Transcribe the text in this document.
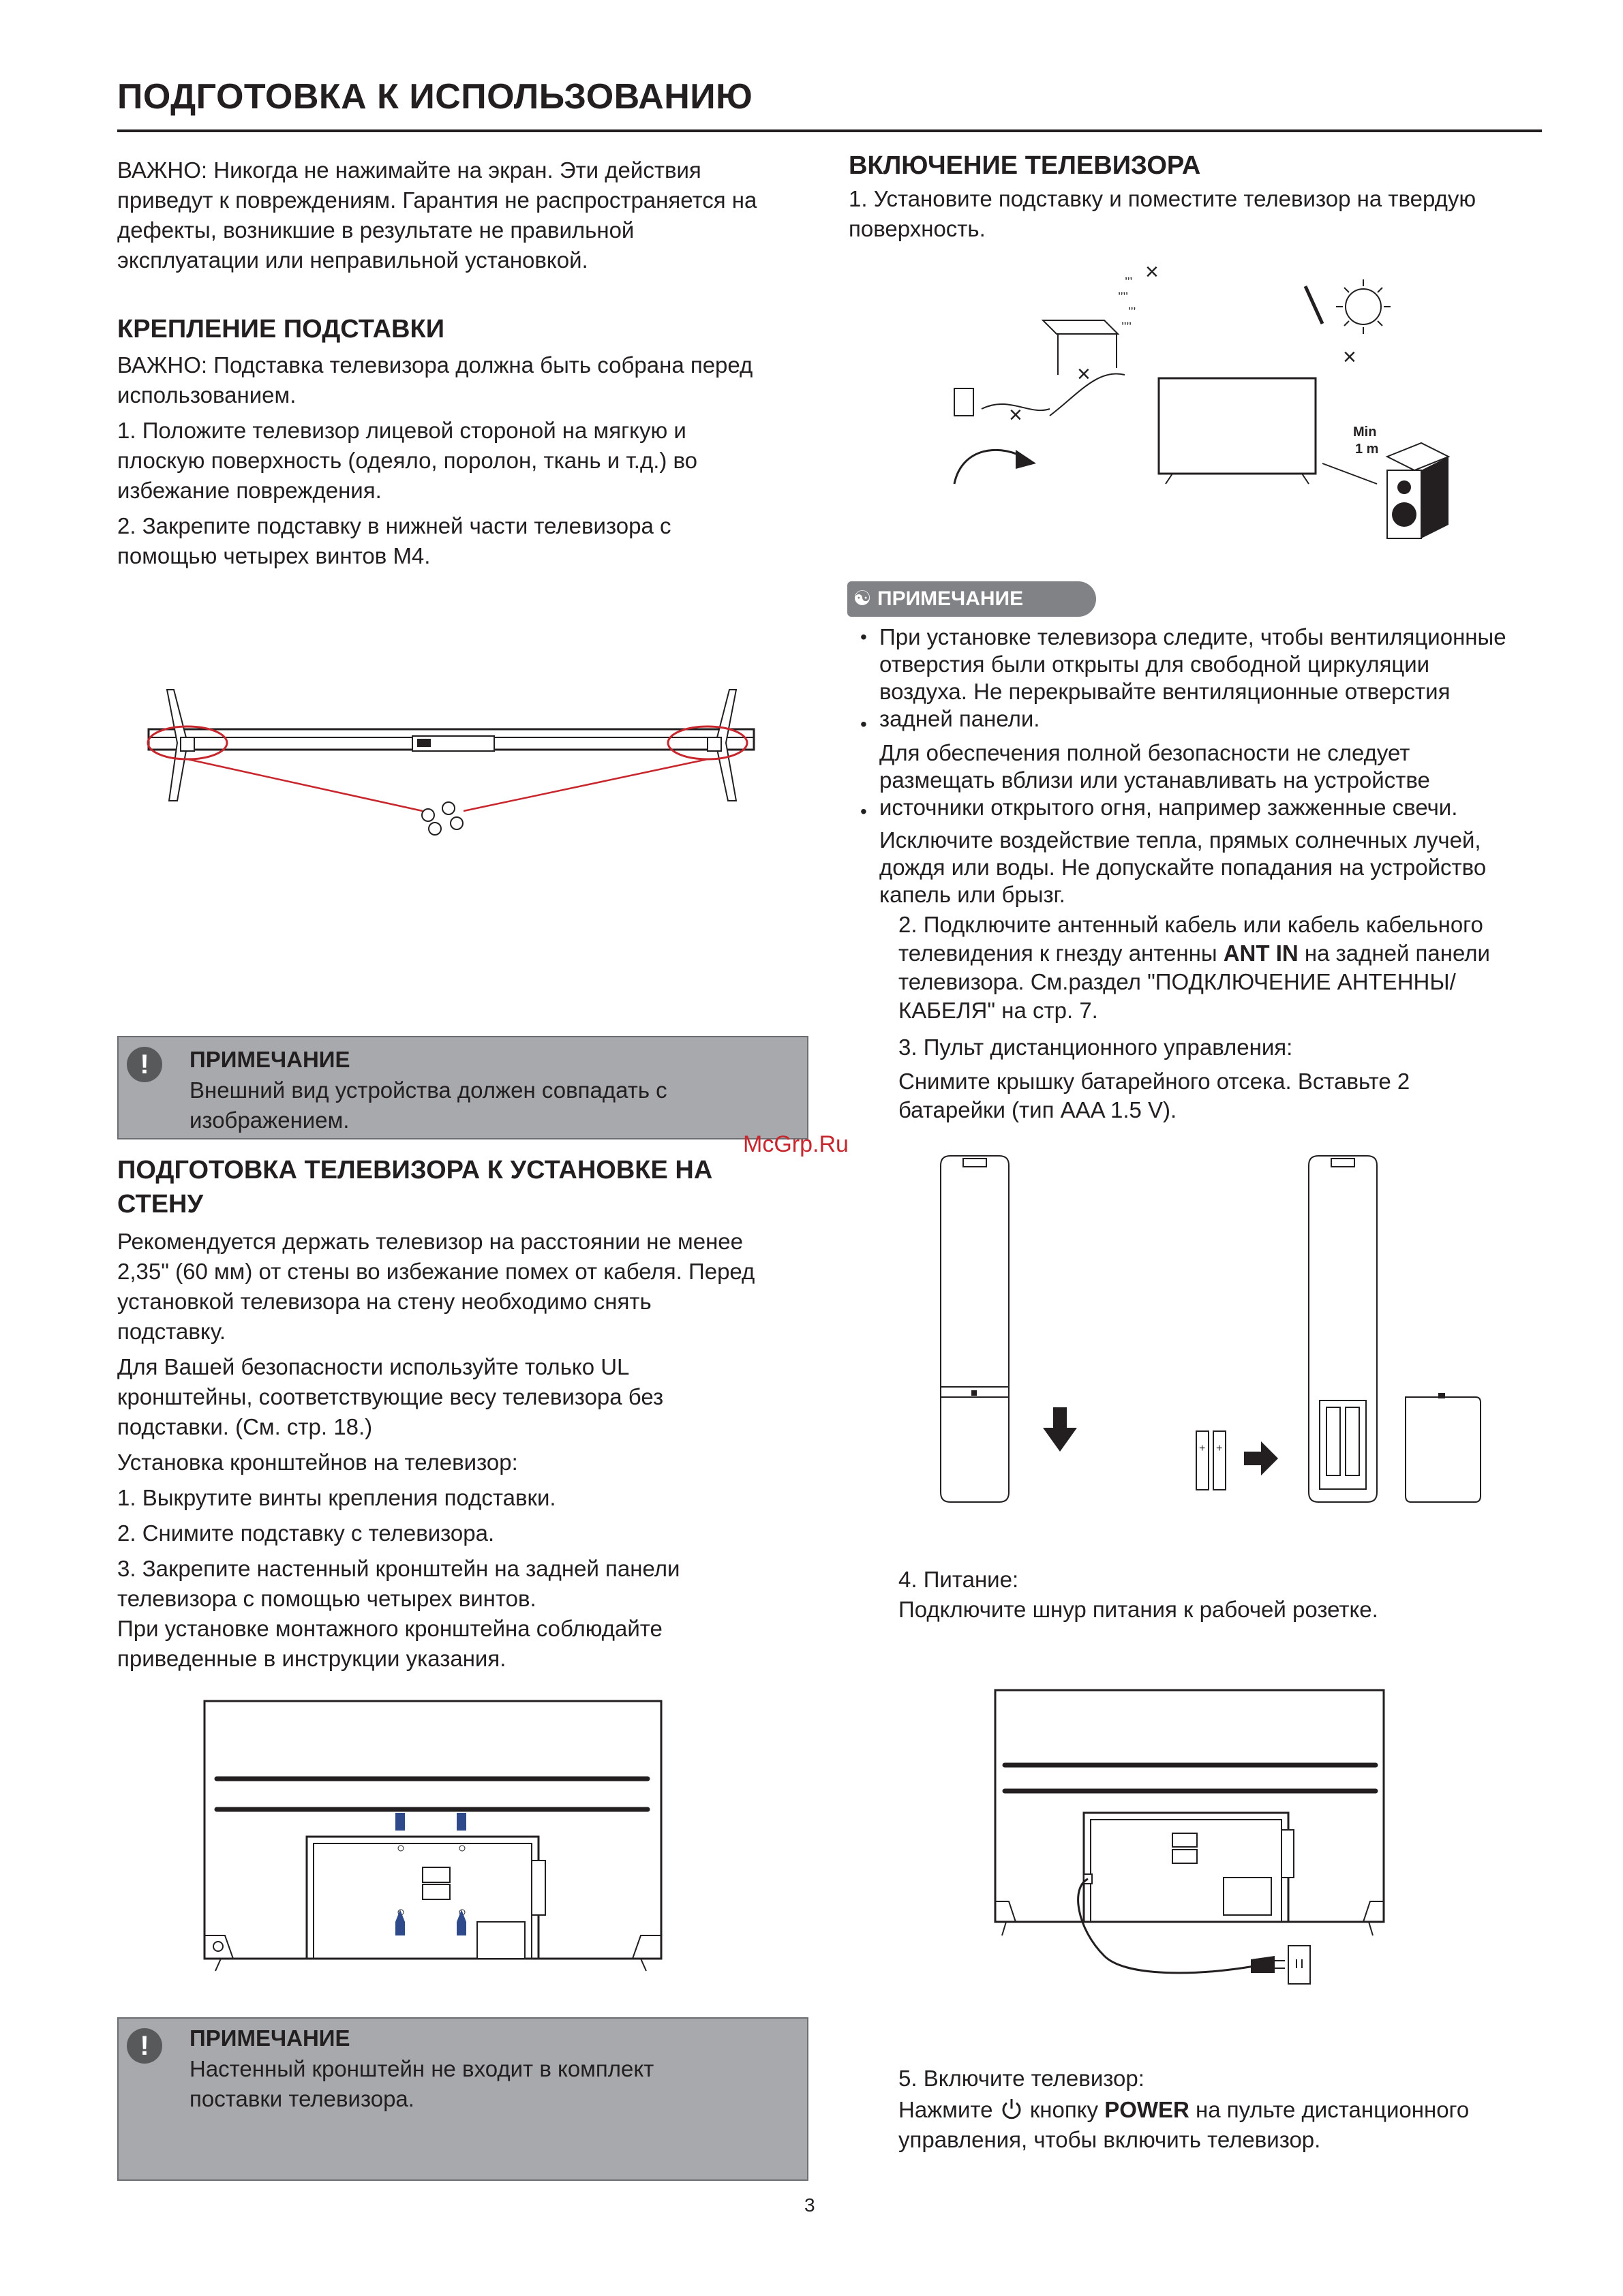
ПОДГОТОВКА К ИСПОЛЬЗОВАНИЮ
ВАЖНО: Никогда не нажимайте на экран. Эти действия
приведут к повреждениям. Гарантия не распространяется на
дефекты, возникшие в результате не правильной
эксплуатации или неправильной установкой.
КРЕПЛЕНИЕ ПОДСТАВКИ
ВАЖНО: Подставка телевизора должна быть собрана перед
использованием.
1. Положите телевизор лицевой стороной на мягкую и
плоскую поверхность (одеяло, поролон, ткань и т.д.) во
избежание повреждения.
2. Закрепите подставку в нижней части телевизора с
помощью четырех винтов М4.
!	ПРИМЕЧАНИЕ
Внешний вид устройства должен совпадать с
изображением.
ПОДГОТОВКА ТЕЛЕВИЗОРА К УСТАНОВКЕ НА
СТЕНУ
Рекомендуется держать телевизор на расстоянии не менее
2,35" (60 мм) от стены во избежание помех от кабеля. Перед
установкой телевизора на стену необходимо снять
подставку.
Для Вашей безопасности используйте только UL
кронштейны, соответствующие весу телевизора без
подставки. (См. стр. 18.)
Установка кронштейнов на телевизор:
1. Выкрутите винты крепления подставки.
2. Снимите подставку с телевизора.
3. Закрепите настенный кронштейн на задней панели
телевизора с помощью четырех винтов.
При установке монтажного кронштейна соблюдайте
приведенные в инструкции указания.
!	ПРИМЕЧАНИЕ
Настенный кронштейн не входит в комплект
поставки телевизора.
ВКЛЮЧЕНИЕ ТЕЛЕВИЗОРА
1. Установите подставку и поместите телевизор на твердую
поверхность.
’’’
’’’’
’’’
’’’’
×
×
×
×
Min
1 m
☯ ПРИМЕЧАНИЕ
• При установке телевизора следите, чтобы вентиляционные
отверстия были открыты для свободной циркуляции
воздуха. Не перекрывайте вентиляционные отверстия
задней панели.
•
Для обеспечения полной безопасности не следует
размещать вблизи или устанавливать на устройстве
источники открытого огня, например зажженные свечи.
•
Исключите воздействие тепла, прямых солнечных лучей,
дождя или воды. Не допускайте попадания на устройство
капель или брызг.
2. Подключите антенный кабель или кабель кабельного
телевидения к гнезду антенны ANT IN на задней панели
телевизора. См.раздел "ПОДКЛЮЧЕНИЕ АНТЕННЫ/
КАБЕЛЯ" на стр. 7.
3. Пульт дистанционного управления:
Снимите крышку батарейного отсека. Вставьте 2
батарейки (тип AAA 1.5 V).
+ +
4. Питание:
Подключите шнур питания к рабочей розетке.
5. Включите телевизор:
Нажмите  кнопку POWER на пульте дистанционного
управления, чтобы включить телевизор.
McGrp.Ru
3
